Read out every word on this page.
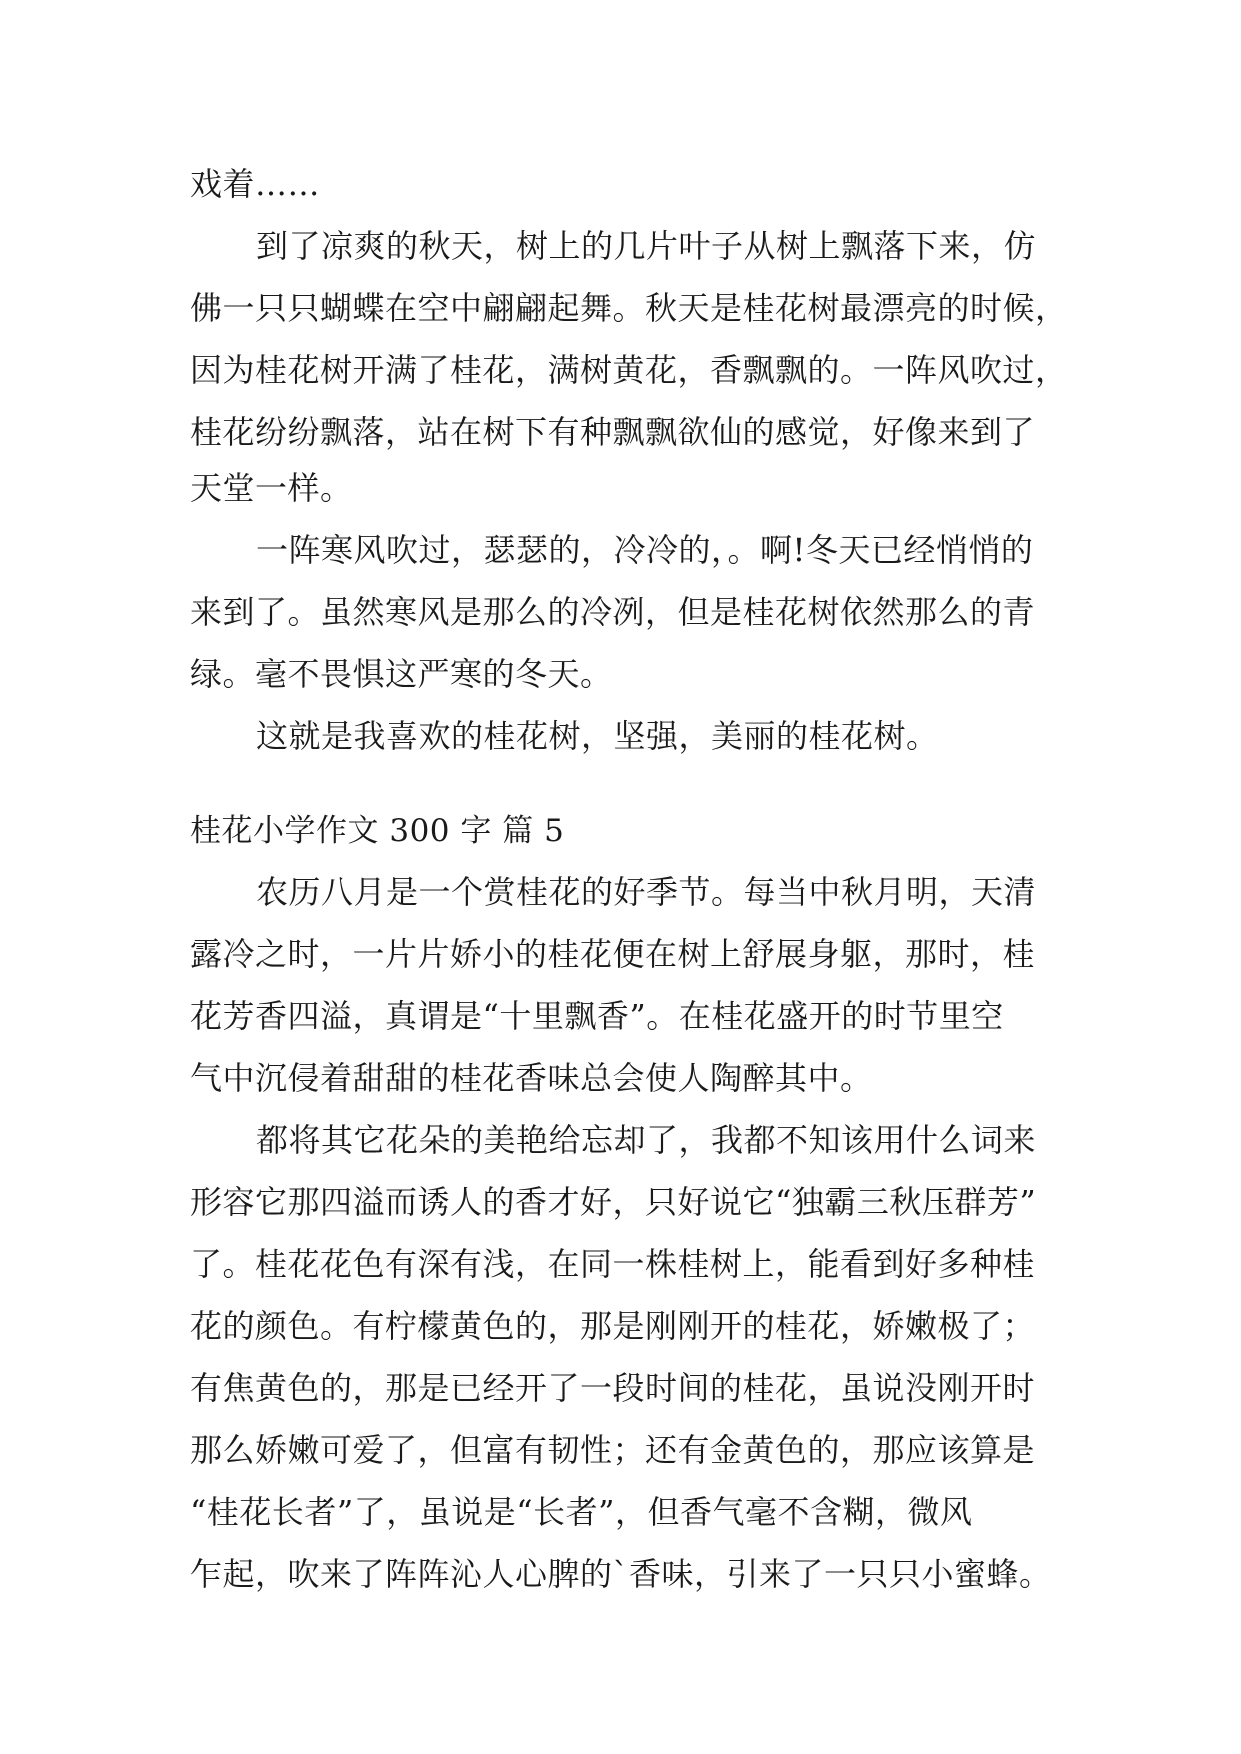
戏着……
到了凉爽的秋天，树上的几片叶子从树上飘落下来，仿
佛一只只蝴蝶在空中翩翩起舞。秋天是桂花树最漂亮的时候，
因为桂花树开满了桂花，满树黄花，香飘飘的。一阵风吹过，
桂花纷纷飘落，站在树下有种飘飘欲仙的感觉，好像来到了
天堂一样。
一阵寒风吹过，瑟瑟的，冷冷的，。啊!冬天已经悄悄的
来到了。虽然寒风是那么的冷冽，但是桂花树依然那么的青
绿。毫不畏惧这严寒的冬天。
这就是我喜欢的桂花树，坚强，美丽的桂花树。
桂花小学作文 300 字 篇 5
农历八月是一个赏桂花的好季节。每当中秋月明，天清
露冷之时，一片片娇小的桂花便在树上舒展身躯，那时，桂
花芳香四溢，真谓是“十里飘香”。在桂花盛开的时节里空
气中沉侵着甜甜的桂花香味总会使人陶醉其中。
都将其它花朵的美艳给忘却了，我都不知该用什么词来
形容它那四溢而诱人的香才好，只好说它“独霸三秋压群芳”
了。桂花花色有深有浅，在同一株桂树上，能看到好多种桂
花的颜色。有柠檬黄色的，那是刚刚开的桂花，娇嫩极了；
有焦黄色的，那是已经开了一段时间的桂花，虽说没刚开时
那么娇嫩可爱了，但富有韧性；还有金黄色的，那应该算是
“桂花长者”了，虽说是“长者”，但香气毫不含糊，微风
乍起，吹来了阵阵沁人心脾的`香味，引来了一只只小蜜蜂。
